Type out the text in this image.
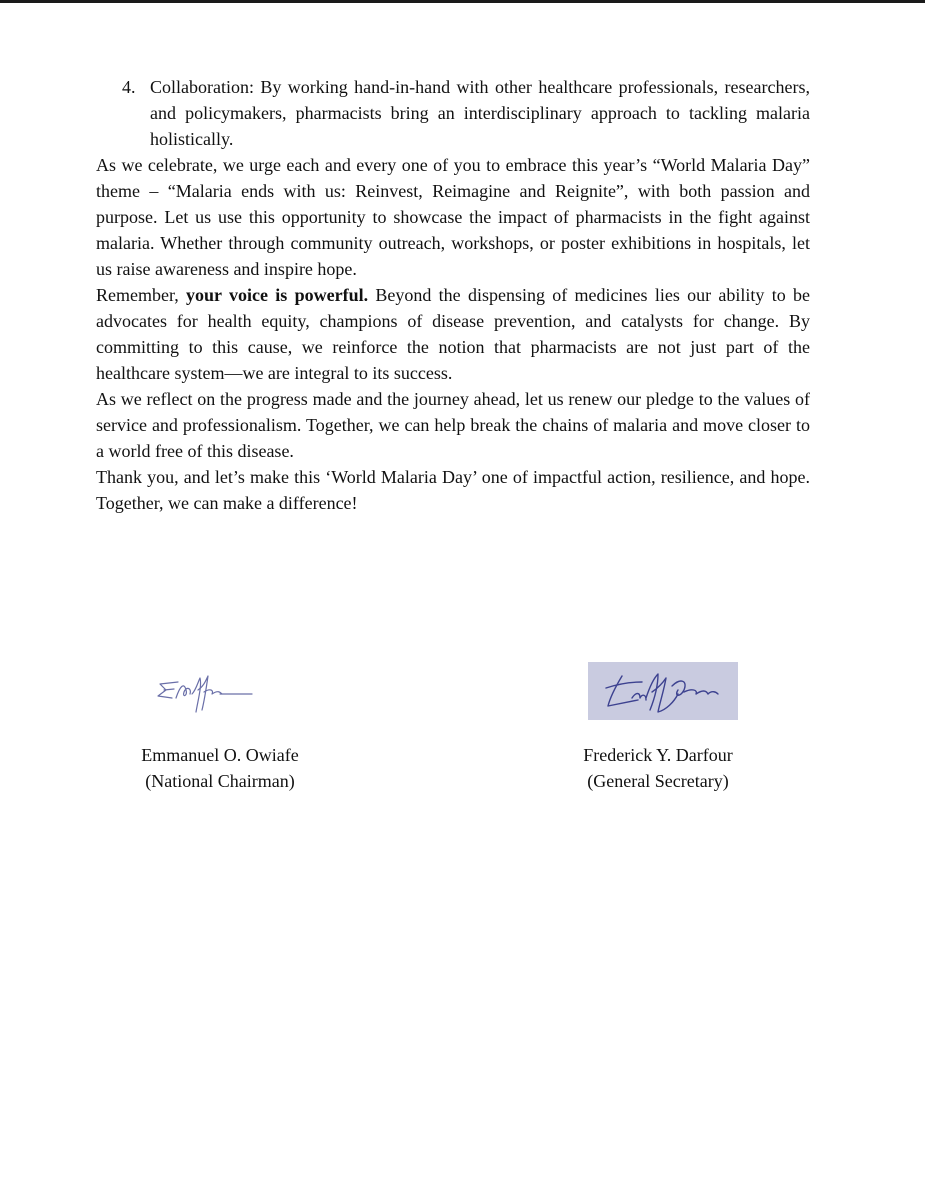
4. Collaboration: By working hand-in-hand with other healthcare professionals, researchers, and policymakers, pharmacists bring an interdisciplinary approach to tackling malaria holistically.

As we celebrate, we urge each and every one of you to embrace this year’s “World Malaria Day” theme – “Malaria ends with us: Reinvest, Reimagine and Reignite”, with both passion and purpose. Let us use this opportunity to showcase the impact of pharmacists in the fight against malaria. Whether through community outreach, workshops, or poster exhibitions in hospitals, let us raise awareness and inspire hope.

Remember, your voice is powerful. Beyond the dispensing of medicines lies our ability to be advocates for health equity, champions of disease prevention, and catalysts for change. By committing to this cause, we reinforce the notion that pharmacists are not just part of the healthcare system—we are integral to its success.

As we reflect on the progress made and the journey ahead, let us renew our pledge to the values of service and professionalism. Together, we can help break the chains of malaria and move closer to a world free of this disease.

Thank you, and let’s make this ‘World Malaria Day’ one of impactful action, resilience, and hope. Together, we can make a difference!

Emmanuel O. Owiafe
(National Chairman)
Frederick Y. Darfour
(General Secretary)
